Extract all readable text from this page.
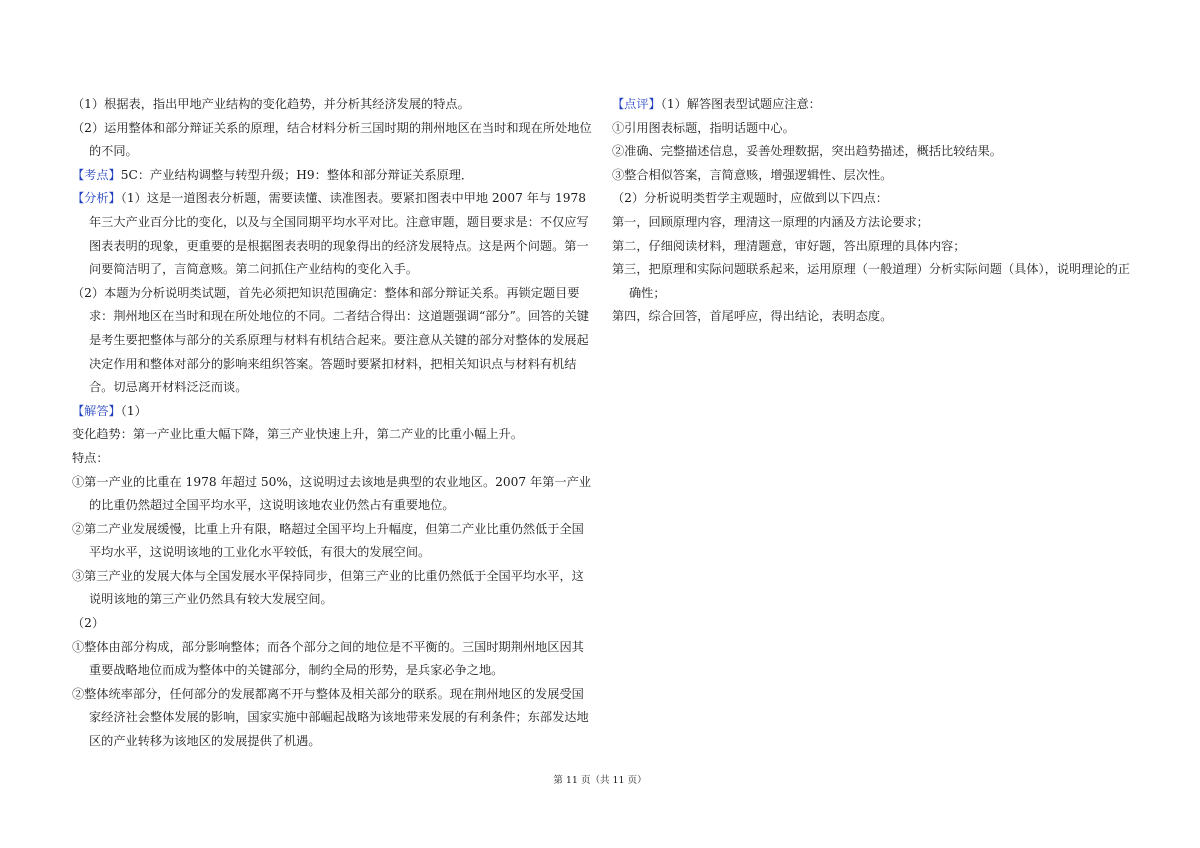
（1）根据表，指出甲地产业结构的变化趋势，并分析其经济发展的特点。

（2）运用整体和部分辩证关系的原理，结合材料分析三国时期的荆州地区在当时和现在所处地位的不同。

【考点】5C：产业结构调整与转型升级；H9：整体和部分辩证关系原理．

【分析】（1）这是一道图表分析题，需要读懂、读准图表。要紧扣图表中甲地 2007 年与 1978 年三大产业百分比的变化，以及与全国同期平均水平对比。注意审题，题目要求是：不仅应写图表表明的现象，更重要的是根据图表表明的现象得出的经济发展特点。这是两个问题。第一问要简洁明了，言简意赅。第二问抓住产业结构的变化入手。

（2）本题为分析说明类试题，首先必须把知识范围确定：整体和部分辩证关系。再锁定题目要求：荆州地区在当时和现在所处地位的不同。二者结合得出：这道题强调“部分”。回答的关键是考生要把整体与部分的关系原理与材料有机结合起来。要注意从关键的部分对整体的发展起决定作用和整体对部分的影响来组织答案。答题时要紧扣材料，把相关知识点与材料有机结合。切忌离开材料泛泛而谈。

【解答】（1）

变化趋势：第一产业比重大幅下降，第三产业快速上升，第二产业的比重小幅上升。

特点：

①第一产业的比重在 1978 年超过 50%，这说明过去该地是典型的农业地区。2007 年第一产业的比重仍然超过全国平均水平，这说明该地农业仍然占有重要地位。

②第二产业发展缓慢，比重上升有限，略超过全国平均上升幅度，但第二产业比重仍然低于全国平均水平，这说明该地的工业化水平较低，有很大的发展空间。

③第三产业的发展大体与全国发展水平保持同步，但第三产业的比重仍然低于全国平均水平，这说明该地的第三产业仍然具有较大发展空间。

（2）

①整体由部分构成，部分影响整体；而各个部分之间的地位是不平衡的。三国时期荆州地区因其重要战略地位而成为整体中的关键部分，制约全局的形势，是兵家必争之地。

②整体统率部分，任何部分的发展都离不开与整体及相关部分的联系。现在荆州地区的发展受国家经济社会整体发展的影响，国家实施中部崛起战略为该地带来发展的有利条件；东部发达地区的产业转移为该地区的发展提供了机遇。

【点评】（1）解答图表型试题应注意：

①引用图表标题，指明话题中心。

②准确、完整描述信息，妥善处理数据，突出趋势描述，概括比较结果。

③整合相似答案，言简意赅，增强逻辑性、层次性。

（2）分析说明类哲学主观题时，应做到以下四点：

第一，回顾原理内容，理清这一原理的内涵及方法论要求；

第二，仔细阅读材料，理清题意，审好题，答出原理的具体内容；

第三，把原理和实际问题联系起来，运用原理（一般道理）分析实际问题（具体），说明理论的正确性；

第四，综合回答，首尾呼应，得出结论，表明态度。

第 11 页（共 11 页）
